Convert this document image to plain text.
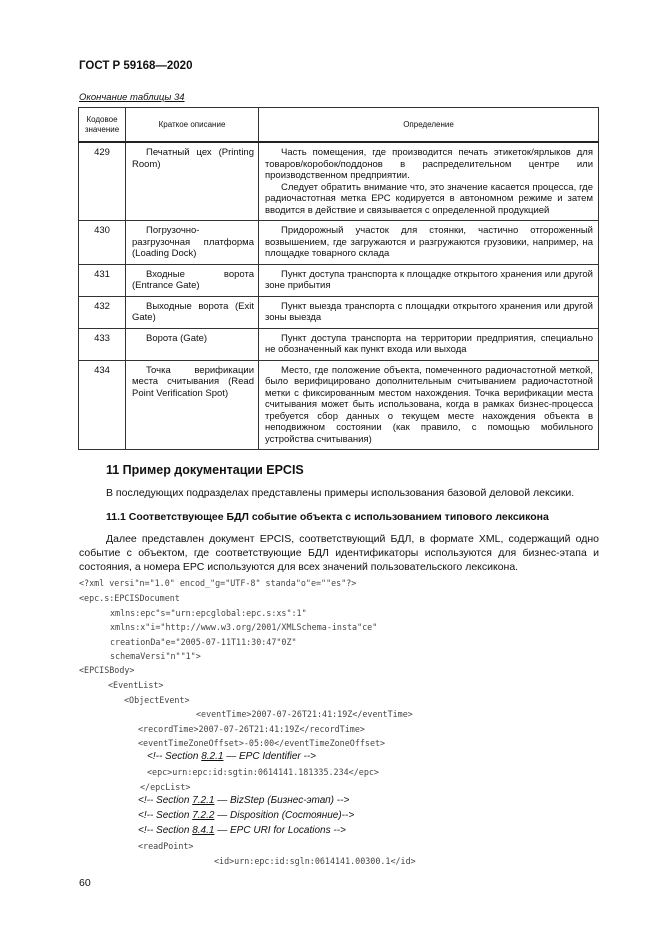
ГОСТ Р 59168—2020
Окончание таблицы 34
Кодовое значение	Краткое описание	Определение
429	Печатный цех (Printing Room)	Часть помещения, где производится печать этикеток/ярлыков для товаров/коробок/поддонов в распределительном центре или производственном предприятии.

Следует обратить внимание что, это значение касается процесса, где радиочастотная метка ЕРС кодируется в автономном режиме и затем вводится в действие и связывается с определенной продукцией

430	Погрузочно-разгрузочная платформа (Loading Dock)	Придорожный участок для стоянки, частично отгороженный возвышением, где загружаются и разгружаются грузовики, например, на площадке товарного склада

431	Входные ворота (Entrance Gate)	Пункт доступа транспорта к площадке открытого хранения или другой зоне прибытия

432	Выходные ворота (Exit Gate)	Пункт выезда транспорта с площадки открытого хранения или другой зоны выезда

433	Ворота (Gate)	Пункт доступа транспорта на территории предприятия, специально не обозначенный как пункт входа или выхода

434	Точка верификации места считывания (Read Point Verification Spot)	Место, где положение объекта, помеченного радиочастотной меткой, было верифицировано дополнительным считыванием радиочастотной метки с фиксированным местом нахождения. Точка верификации места считывания может быть использована, когда в рамках бизнес-процесса требуется сбор данных о текущем месте нахождения объекта в неподвижном состоянии (как правило, с помощью мобильного устройства считывания)

11 Пример документации EPCIS
В последующих подразделах представлены примеры использования базовой деловой лексики.
11.1 Соответствующее БДЛ событие объекта с использованием типового лексикона
Далее представлен документ EPCIS, соответствующий БДЛ, в формате XML, содержащий одно событие с объектом, где соответствующие БДЛ идентификаторы используются для бизнес-этапа и состояния, а номера ЕРС используются для всех значений пользовательского лексикона.
<?xml versi"n="1.0" encod_"g="UTF-8" standa"o"e=""es"?>
<epc.s:EPCISDocument
xmlns:epc"s="urn:epcglobal:epc.s:xs":1"
xmlns:x"i="http://www.w3.org/2001/XMLSchema-insta"ce"
creationDa"e="2005-07-11T11:30:47"0Z"
schemaVersi"n""1">
<EPCISBody>
<EventList>
<ObjectEvent>
<eventTime>2007-07-26T21:41:19Z</eventTime>
<recordTime>2007-07-26T21:41:19Z</recordTime>
<eventTimeZoneOffset>-05:00</eventTimeZoneOffset>
<!-- Section 8.2.1 — EPC Identifier -->
<epc>urn:epc:id:sgtin:0614141.181335.234</epc>
</epcList>
<!-- Section 7.2.1 — BizStep (Бизнес-этап) -->
<!-- Section 7.2.2 — Disposition (Состояние)-->
<!-- Section 8.4.1 — EPC URI for Locations -->
<readPoint>
<id>urn:epc:id:sgln:0614141.00300.1</id>
60
